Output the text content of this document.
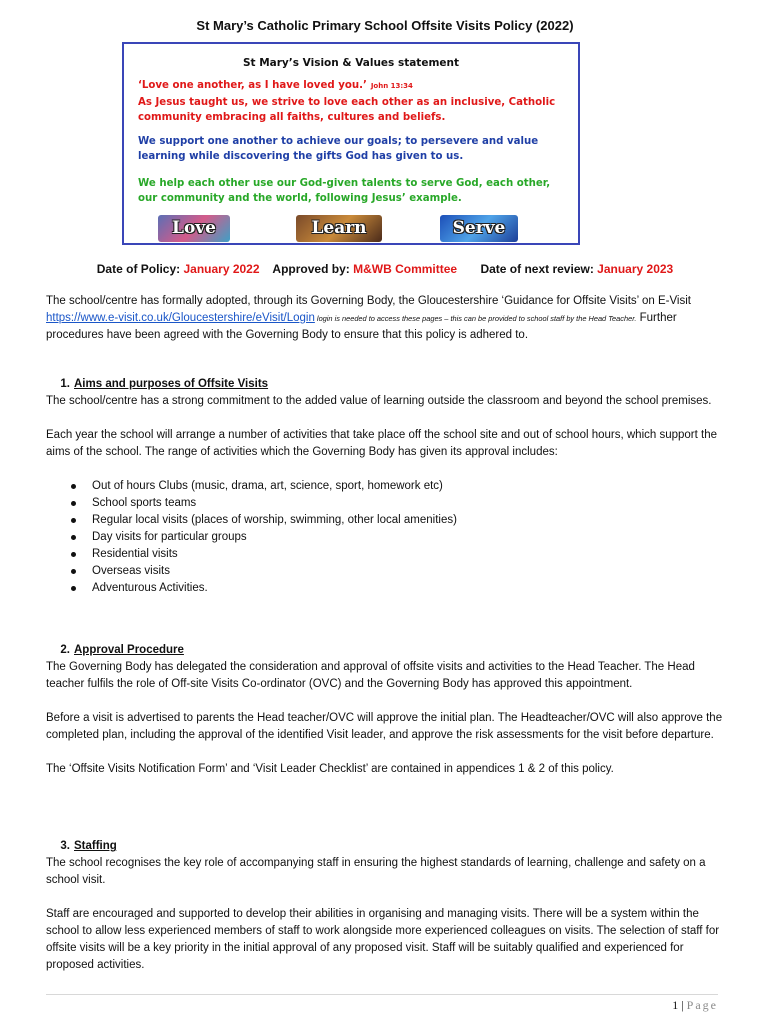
St Mary’s Catholic Primary School Offsite Visits Policy (2022)
St Mary’s Vision & Values statement

‘Love one another, as I have loved you.’ John 13:34

As Jesus taught us, we strive to love each other as an inclusive, Catholic community embracing all faiths, cultures and beliefs.

We support one another to achieve our goals; to persevere and value learning while discovering the gifts God has given to us.

We help each other use our God-given talents to serve God, each other, our community and the world, following Jesus’ example.

Love	Learn	Serve
Date of Policy: January 2022 Approved by: M&WB Committee Date of next review: January 2023

The school/centre has formally adopted, through its Governing Body, the Gloucestershire ‘Guidance for Offsite Visits’ on E-Visit https://www.e-visit.co.uk/Gloucestershire/eVisit/Login login is needed to access these pages – this can be provided to school staff by the Head Teacher. Further procedures have been agreed with the Governing Body to ensure that this policy is adhered to.

1. Aims and purposes of Offsite Visits

The school/centre has a strong commitment to the added value of learning outside the classroom and beyond the school premises.

Each year the school will arrange a number of activities that take place off the school site and out of school hours, which support the aims of the school. The range of activities which the Governing Body has given its approval includes:

Out of hours Clubs (music, drama, art, science, sport, homework etc)
School sports teams
Regular local visits (places of worship, swimming, other local amenities)
Day visits for particular groups
Residential visits
Overseas visits
Adventurous Activities.
2. Approval Procedure

The Governing Body has delegated the consideration and approval of offsite visits and activities to the Head Teacher. The Head teacher fulfils the role of Off-site Visits Co-ordinator (OVC) and the Governing Body has approved this appointment.

Before a visit is advertised to parents the Head teacher/OVC will approve the initial plan. The Headteacher/OVC will also approve the completed plan, including the approval of the identified Visit leader, and approve the risk assessments for the visit before departure.

The ‘Offsite Visits Notification Form’ and ‘Visit Leader Checklist’ are contained in appendices 1 & 2 of this policy.

3. Staffing

The school recognises the key role of accompanying staff in ensuring the highest standards of learning, challenge and safety on a school visit.

Staff are encouraged and supported to develop their abilities in organising and managing visits. There will be a system within the school to allow less experienced members of staff to work alongside more experienced colleagues on visits. The selection of staff for offsite visits will be a key priority in the initial approval of any proposed visit. Staff will be suitably qualified and experienced for proposed activities.

1 | Page
